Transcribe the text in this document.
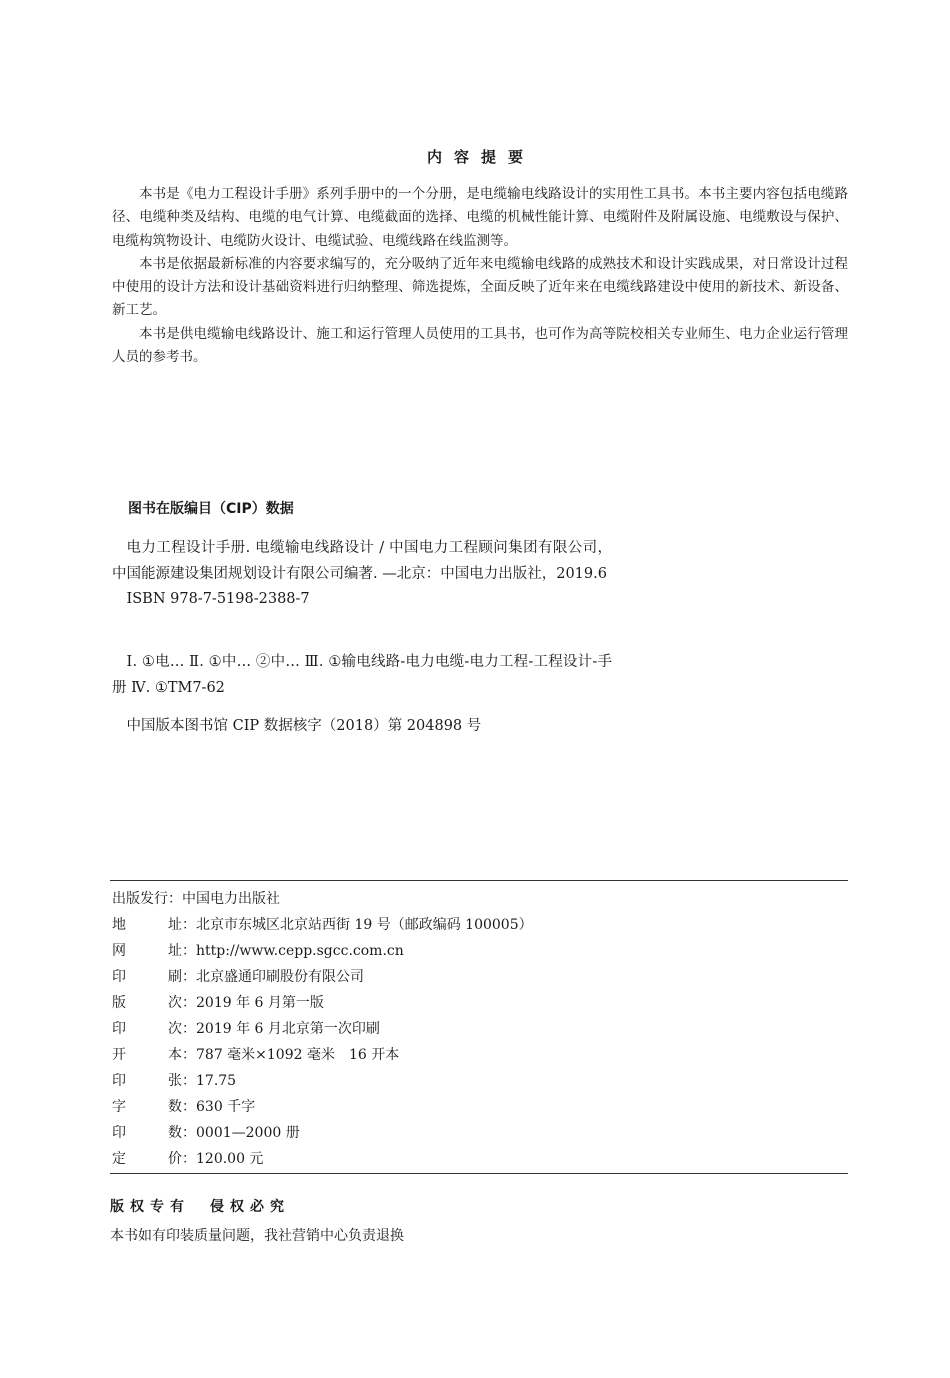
内容提要

本书是《电力工程设计手册》系列手册中的一个分册，是电缆输电线路设计的实用性工具书。本书主要内容包括电缆路径、电缆种类及结构、电缆的电气计算、电缆截面的选择、电缆的机械性能计算、电缆附件及附属设施、电缆敷设与保护、电缆构筑物设计、电缆防火设计、电缆试验、电缆线路在线监测等。

本书是依据最新标准的内容要求编写的，充分吸纳了近年来电缆输电线路的成熟技术和设计实践成果，对日常设计过程中使用的设计方法和设计基础资料进行归纳整理、筛选提炼，全面反映了近年来在电缆线路建设中使用的新技术、新设备、新工艺。

本书是供电缆输电线路设计、施工和运行管理人员使用的工具书，也可作为高等院校相关专业师生、电力企业运行管理人员的参考书。

图书在版编目（CIP）数据

电力工程设计手册. 电缆输电线路设计 / 中国电力工程顾问集团有限公司，中国能源建设集团规划设计有限公司编著. —北京：中国电力出版社，2019.6

ISBN 978-7-5198-2388-7

Ⅰ. ①电… Ⅱ. ①中… ②中… Ⅲ. ①输电线路-电力电缆-电力工程-工程设计-手册 Ⅳ. ①TM7-62

中国版本图书馆 CIP 数据核字（2018）第 204898 号

出版发行：中国电力出版社
地址：北京市东城区北京站西街 19 号（邮政编码 100005）
网址：http://www.cepp.sgcc.com.cn
印刷：北京盛通印刷股份有限公司
版次：2019 年 6 月第一版
印次：2019 年 6 月北京第一次印刷
开本：787 毫米×1092 毫米　16 开本
印张：17.75
字数：630 千字
印数：0001—2000 册
定价：120.00 元
版权专有　侵权必究
本书如有印装质量问题，我社营销中心负责退换
